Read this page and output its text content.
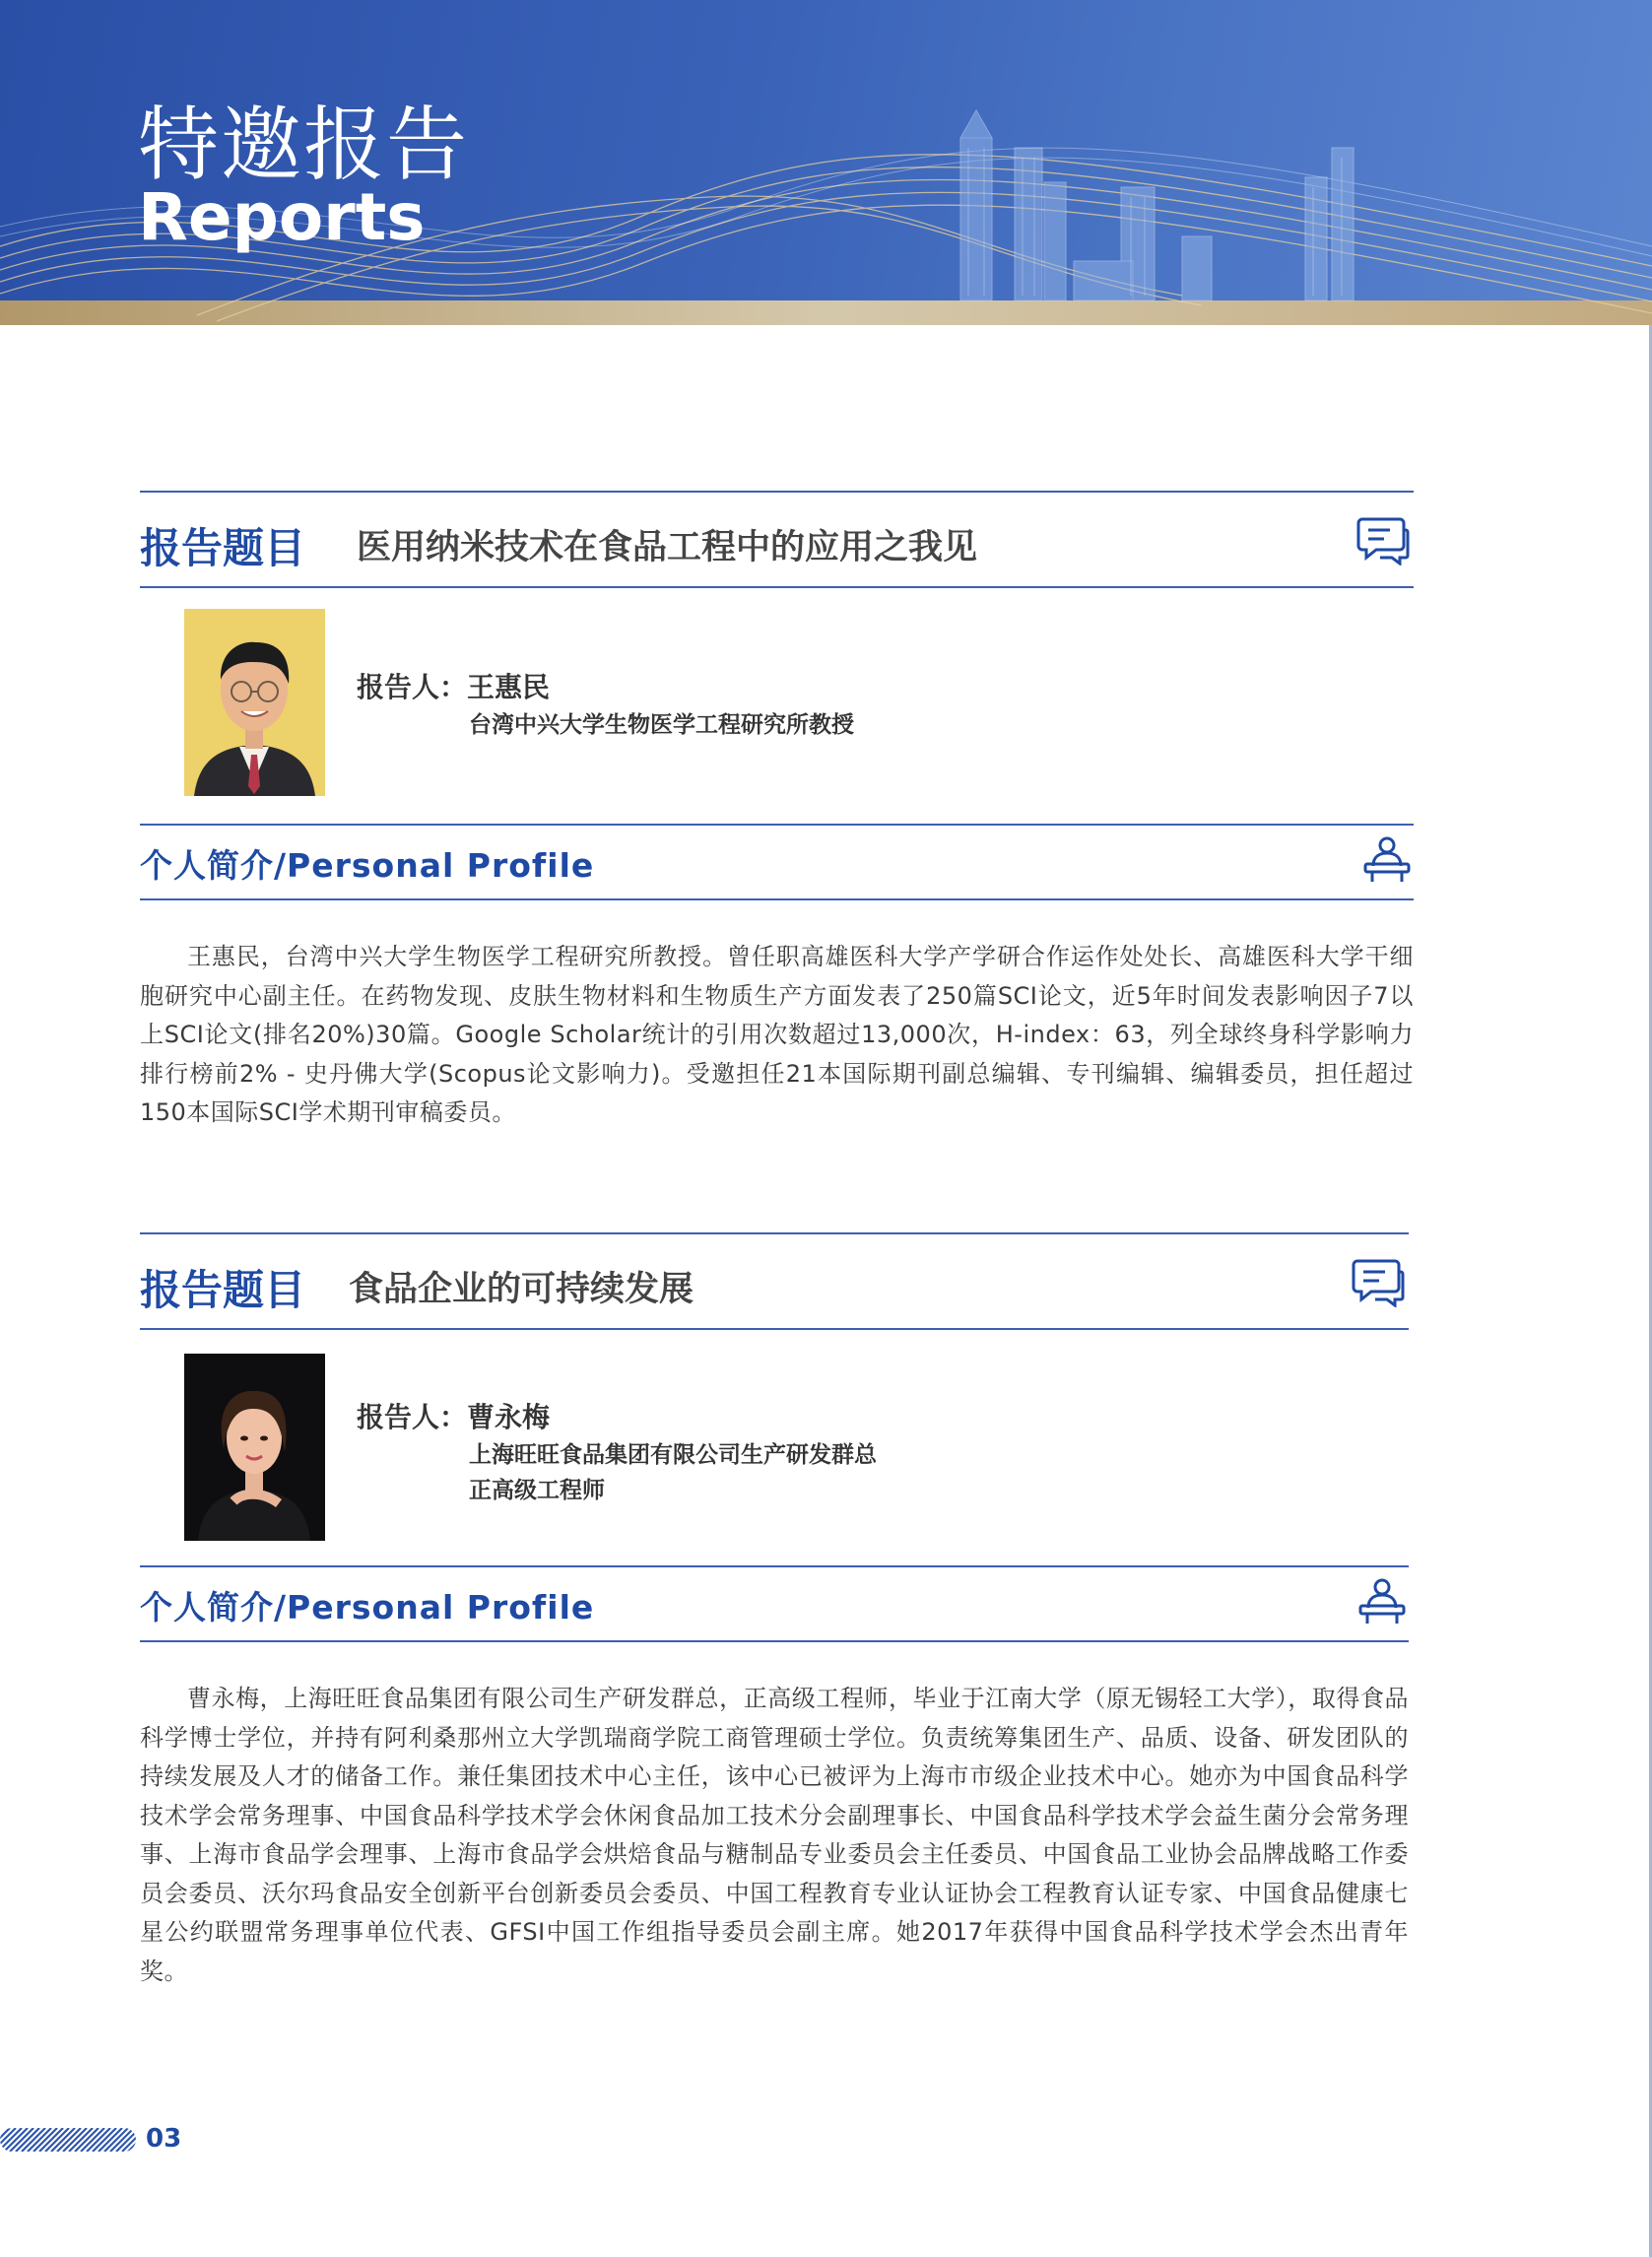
特邀报告
Reports
报告题目 医用纳米技术在食品工程中的应用之我见
报告人：王惠民
台湾中兴大学生物医学工程研究所教授
个人简介/Personal Profile
王惠民，台湾中兴大学生物医学工程研究所教授。曾任职高雄医科大学产学研合作运作处处长、高雄医科大学干细胞研究中心副主任。在药物发现、皮肤生物材料和生物质生产方面发表了250篇SCI论文，近5年时间发表影响因子7以上SCI论文(排名20%)30篇。Google Scholar统计的引用次数超过13,000次，H-index：63，列全球终身科学影响力排行榜前2% - 史丹佛大学(Scopus论文影响力)。受邀担任21本国际期刊副总编辑、专刊编辑、编辑委员，担任超过150本国际SCI学术期刊审稿委员。
报告题目 食品企业的可持续发展
报告人：曹永梅
上海旺旺食品集团有限公司生产研发群总
正高级工程师
个人简介/Personal Profile
曹永梅，上海旺旺食品集团有限公司生产研发群总，正高级工程师，毕业于江南大学（原无锡轻工大学），取得食品科学博士学位，并持有阿利桑那州立大学凯瑞商学院工商管理硕士学位。负责统筹集团生产、品质、设备、研发团队的持续发展及人才的储备工作。兼任集团技术中心主任，该中心已被评为上海市市级企业技术中心。她亦为中国食品科学技术学会常务理事、中国食品科学技术学会休闲食品加工技术分会副理事长、中国食品科学技术学会益生菌分会常务理事、上海市食品学会理事、上海市食品学会烘焙食品与糖制品专业委员会主任委员、中国食品工业协会品牌战略工作委员会委员、沃尔玛食品安全创新平台创新委员会委员、中国工程教育专业认证协会工程教育认证专家、中国食品健康七星公约联盟常务理事单位代表、GFSI中国工作组指导委员会副主席。她2017年获得中国食品科学技术学会杰出青年奖。
03
